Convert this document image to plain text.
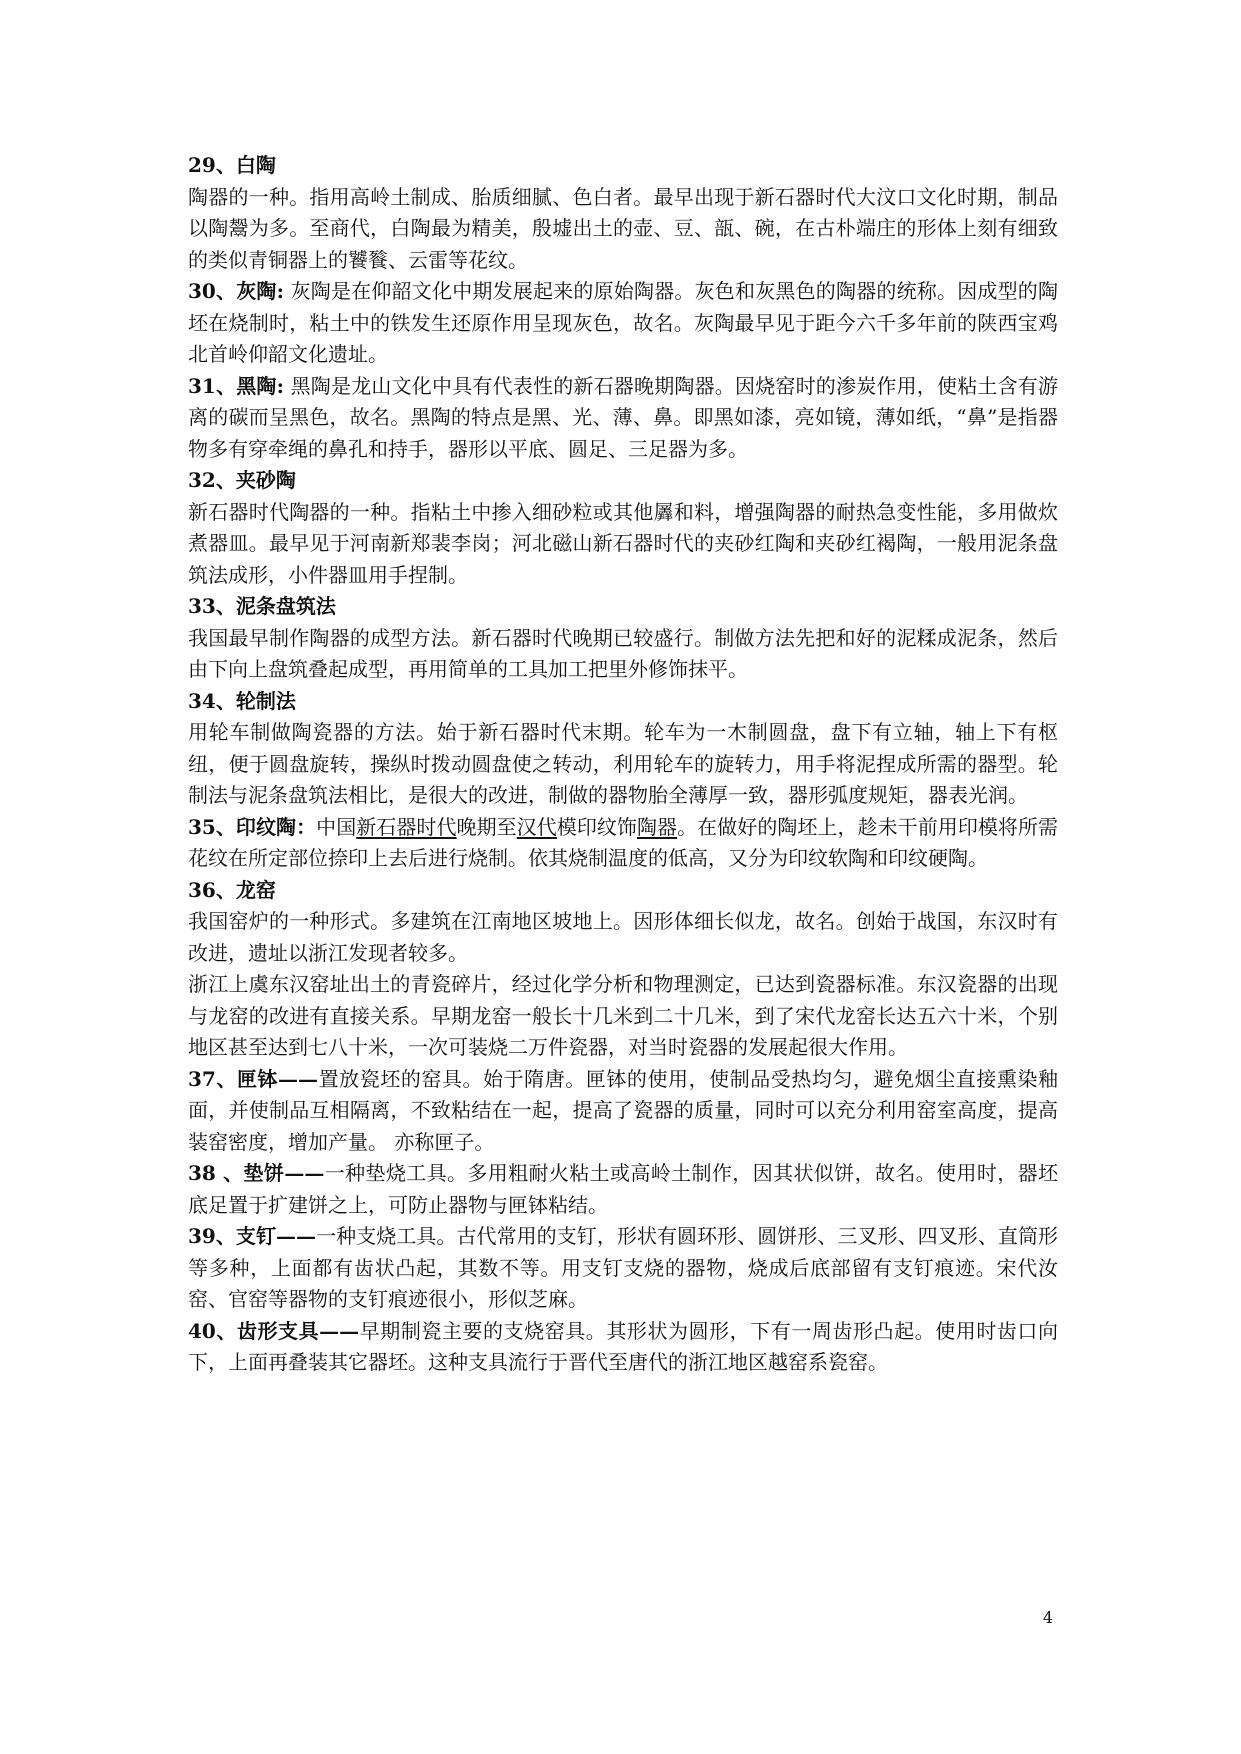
29、白陶
陶器的一种。指用高岭土制成、胎质细腻、色白者。最早出现于新石器时代大汶口文化时期，制品以陶鬶为多。至商代，白陶最为精美，殷墟出土的壶、豆、瓿、碗，在古朴端庄的形体上刻有细致的类似青铜器上的饕餮、云雷等花纹。
30、灰陶: 灰陶是在仰韶文化中期发展起来的原始陶器。灰色和灰黑色的陶器的统称。因成型的陶坯在烧制时，粘土中的铁发生还原作用呈现灰色，故名。灰陶最早见于距今六千多年前的陕西宝鸡北首岭仰韶文化遗址。
31、黑陶: 黑陶是龙山文化中具有代表性的新石器晚期陶器。因烧窑时的渗炭作用，使粘土含有游离的碳而呈黑色，故名。黑陶的特点是黑、光、薄、鼻。即黑如漆，亮如镜，薄如纸，“鼻”是指器物多有穿牵绳的鼻孔和持手，器形以平底、圆足、三足器为多。
32、夹砂陶
新石器时代陶器的一种。指粘土中掺入细砂粒或其他羼和料，增强陶器的耐热急变性能，多用做炊煮器皿。最早见于河南新郑裴李岗；河北磁山新石器时代的夹砂红陶和夹砂红褐陶，一般用泥条盘筑法成形，小件器皿用手捏制。
33、泥条盘筑法
我国最早制作陶器的成型方法。新石器时代晚期已较盛行。制做方法先把和好的泥糅成泥条，然后由下向上盘筑叠起成型，再用简单的工具加工把里外修饰抹平。
34、轮制法
用轮车制做陶瓷器的方法。始于新石器时代末期。轮车为一木制圆盘，盘下有立轴，轴上下有枢纽，便于圆盘旋转，操纵时拨动圆盘使之转动，利用轮车的旋转力，用手将泥捏成所需的器型。轮制法与泥条盘筑法相比，是很大的改进，制做的器物胎全薄厚一致，器形弧度规矩，器表光润。
35、印纹陶：中国新石器时代晚期至汉代模印纹饰陶器。在做好的陶坯上，趁未干前用印模将所需花纹在所定部位捺印上去后进行烧制。依其烧制温度的低高，又分为印纹软陶和印纹硬陶。
36、龙窑
我国窑炉的一种形式。多建筑在江南地区坡地上。因形体细长似龙，故名。创始于战国，东汉时有改进，遗址以浙江发现者较多。
浙江上虞东汉窑址出土的青瓷碎片，经过化学分析和物理测定，已达到瓷器标准。东汉瓷器的出现与龙窑的改进有直接关系。早期龙窑一般长十几米到二十几米，到了宋代龙窑长达五六十米，个别地区甚至达到七八十米，一次可装烧二万件瓷器，对当时瓷器的发展起很大作用。
37、匣钵——置放瓷坯的窑具。始于隋唐。匣钵的使用，使制品受热均匀，避免烟尘直接熏染釉面，并使制品互相隔离，不致粘结在一起，提高了瓷器的质量，同时可以充分利用窑室高度，提高装窑密度，增加产量。 亦称匣子。
38 、垫饼——一种垫烧工具。多用粗耐火粘土或高岭土制作，因其状似饼，故名。使用时，器坯底足置于扩建饼之上，可防止器物与匣钵粘结。
39、支钉——一种支烧工具。古代常用的支钉，形状有圆环形、圆饼形、三叉形、四叉形、直筒形等多种，上面都有齿状凸起，其数不等。用支钉支烧的器物，烧成后底部留有支钉痕迹。宋代汝窑、官窑等器物的支钉痕迹很小，形似芝麻。
40、齿形支具——早期制瓷主要的支烧窑具。其形状为圆形，下有一周齿形凸起。使用时齿口向下，上面再叠装其它器坯。这种支具流行于晋代至唐代的浙江地区越窑系瓷窑。
4
